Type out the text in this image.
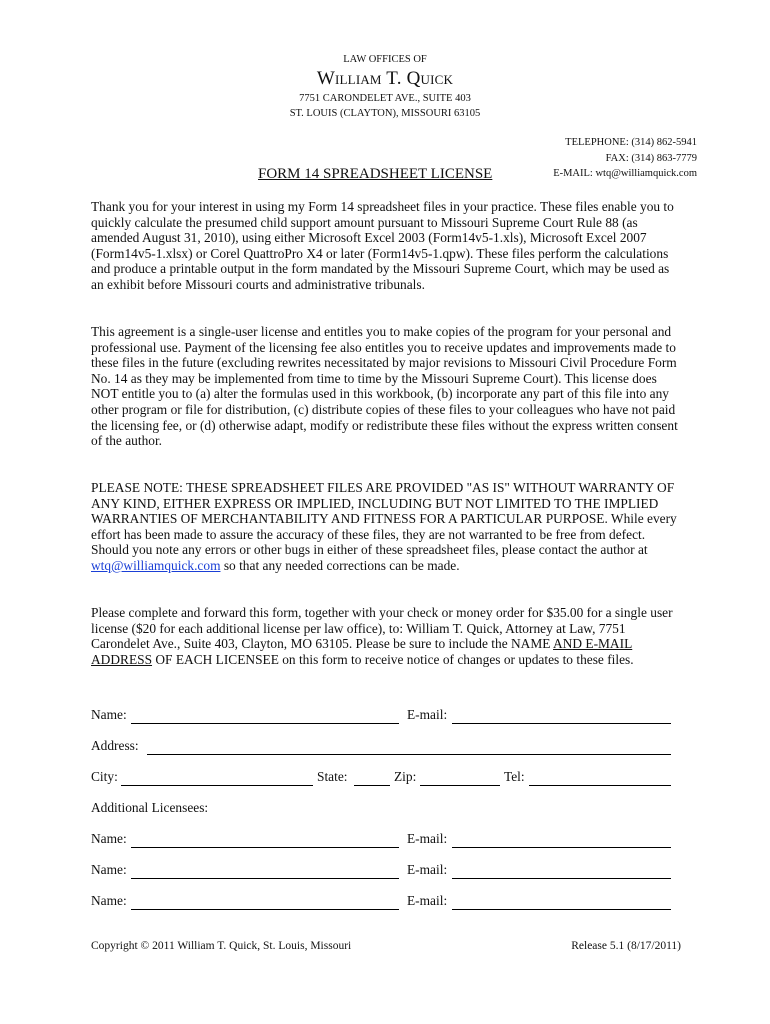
LAW OFFICES OF
William T. Quick
7751 CARONDELET AVE., SUITE 403
ST. LOUIS (CLAYTON), MISSOURI 63105
TELEPHONE: (314) 862-5941
FAX: (314) 863-7779
E-MAIL: wtq@williamquick.com
FORM 14 SPREADSHEET LICENSE

Thank you for your interest in using my Form 14 spreadsheet files in your practice. These files enable you to quickly calculate the presumed child support amount pursuant to Missouri Supreme Court Rule 88 (as amended August 31, 2010), using either Microsoft Excel 2003 (Form14v5-1.xls), Microsoft Excel 2007 (Form14v5-1.xlsx) or Corel QuattroPro X4 or later (Form14v5-1.qpw). These files perform the calculations and produce a printable output in the form mandated by the Missouri Supreme Court, which may be used as an exhibit before Missouri courts and administrative tribunals.

This agreement is a single-user license and entitles you to make copies of the program for your personal and professional use. Payment of the licensing fee also entitles you to receive updates and improvements made to these files in the future (excluding rewrites necessitated by major revisions to Missouri Civil Procedure Form No. 14 as they may be implemented from time to time by the Missouri Supreme Court). This license does NOT entitle you to (a) alter the formulas used in this workbook, (b) incorporate any part of this file into any other program or file for distribution, (c) distribute copies of these files to your colleagues who have not paid the licensing fee, or (d) otherwise adapt, modify or redistribute these files without the express written consent of the author.

PLEASE NOTE: THESE SPREADSHEET FILES ARE PROVIDED "AS IS" WITHOUT WARRANTY OF ANY KIND, EITHER EXPRESS OR IMPLIED, INCLUDING BUT NOT LIMITED TO THE IMPLIED WARRANTIES OF MERCHANTABILITY AND FITNESS FOR A PARTICULAR PURPOSE. While every effort has been made to assure the accuracy of these files, they are not warranted to be free from defect. Should you note any errors or other bugs in either of these spreadsheet files, please contact the author at wtq@williamquick.com so that any needed corrections can be made.

Please complete and forward this form, together with your check or money order for $35.00 for a single user license ($20 for each additional license per law office), to: William T. Quick, Attorney at Law, 7751 Carondelet Ave., Suite 403, Clayton, MO 63105. Please be sure to include the NAME AND E-MAIL ADDRESS OF EACH LICENSEE on this form to receive notice of changes or updates to these files.

Name:	E-mail:
Address:
City:	State:	Zip:	Tel:
Additional Licensees:
Name:	E-mail:
Name:	E-mail:
Name:	E-mail:
Copyright © 2011 William T. Quick, St. Louis, Missouri	Release 5.1 (8/17/2011)
